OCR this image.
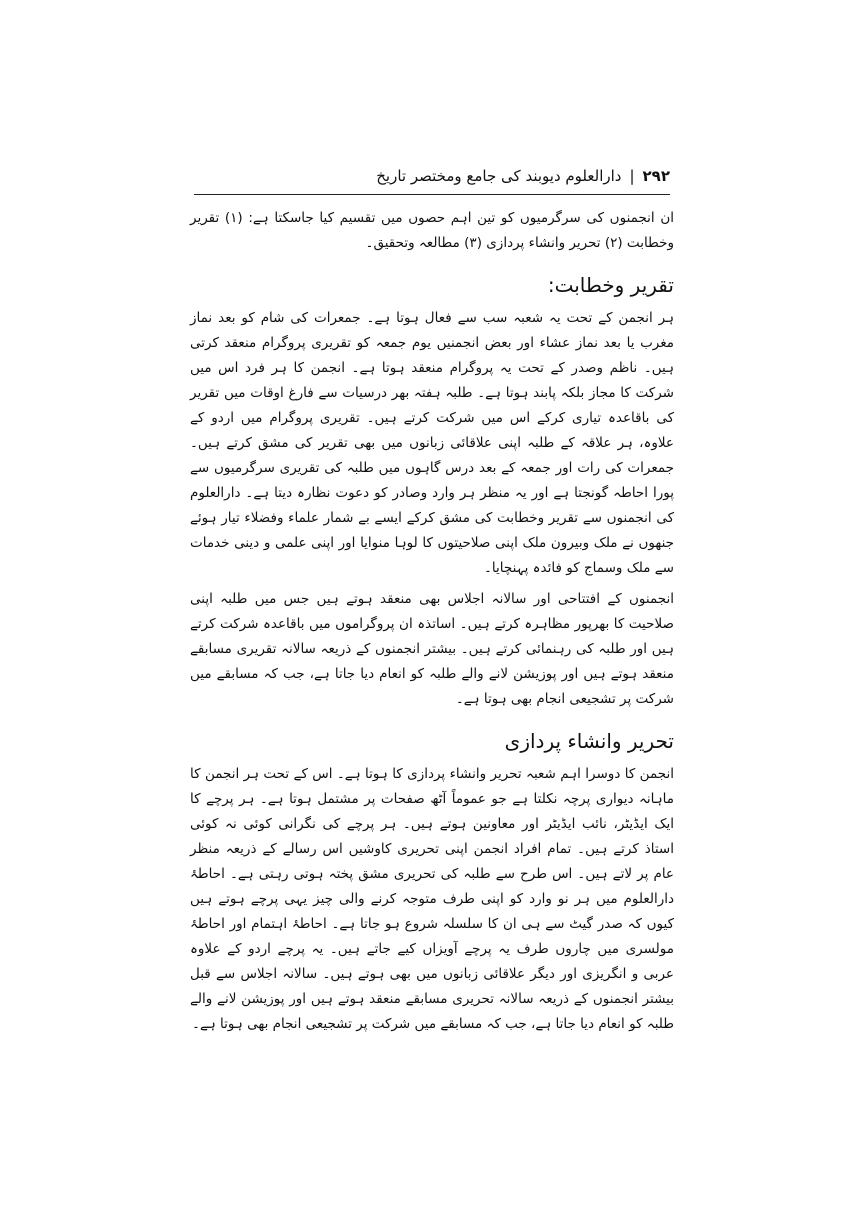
۲۹۲
|
دارالعلوم دیوبند کی جامع ومختصر تاریخ

ان انجمنوں کی سرگرمیوں کو تین اہم حصوں میں تقسیم کیا جاسکتا ہے: (۱) تقریر وخطابت (۲) تحریر وانشاء پردازی (۳) مطالعہ وتحقیق۔

تقریر وخطابت:

ہر انجمن کے تحت یہ شعبہ سب سے فعال ہوتا ہے۔ جمعرات کی شام کو بعد نماز مغرب یا بعد نماز عشاء اور بعض انجمنیں یوم جمعہ کو تقریری پروگرام منعقد کرتی ہیں۔ ناظم وصدر کے تحت یہ پروگرام منعقد ہوتا ہے۔ انجمن کا ہر فرد اس میں شرکت کا مجاز بلکہ پابند ہوتا ہے۔ طلبہ ہفتہ بھر درسیات سے فارغ اوقات میں تقریر کی باقاعدہ تیاری کرکے اس میں شرکت کرتے ہیں۔ تقریری پروگرام میں اردو کے علاوہ، ہر علاقہ کے طلبہ اپنی علاقائی زبانوں میں بھی تقریر کی مشق کرتے ہیں۔ جمعرات کی رات اور جمعہ کے بعد درس گاہوں میں طلبہ کی تقریری سرگرمیوں سے پورا احاطہ گونجتا ہے اور یہ منظر ہر وارد وصادر کو دعوت نظارہ دیتا ہے۔ دارالعلوم کی انجمنوں سے تقریر وخطابت کی مشق کرکے ایسے بے شمار علماء وفضلاء تیار ہوئے جنھوں نے ملک وبیرون ملک اپنی صلاحیتوں کا لوہا منوایا اور اپنی علمی و دینی خدمات سے ملک وسماج کو فائدہ پہنچایا۔

انجمنوں کے افتتاحی اور سالانہ اجلاس بھی منعقد ہوتے ہیں جس میں طلبہ اپنی صلاحیت کا بھرپور مظاہرہ کرتے ہیں۔ اساتذہ ان پروگراموں میں باقاعدہ شرکت کرتے ہیں اور طلبہ کی رہنمائی کرتے ہیں۔ بیشتر انجمنوں کے ذریعہ سالانہ تقریری مسابقے منعقد ہوتے ہیں اور پوزیشن لانے والے طلبہ کو انعام دیا جاتا ہے، جب کہ مسابقے میں شرکت پر تشجیعی انجام بھی ہوتا ہے۔

تحریر وانشاء پردازی

انجمن کا دوسرا اہم شعبہ تحریر وانشاء پردازی کا ہوتا ہے۔ اس کے تحت ہر انجمن کا ماہانہ دیواری پرچہ نکلتا ہے جو عموماً آٹھ صفحات پر مشتمل ہوتا ہے۔ ہر پرچے کا ایک ایڈیٹر، نائب ایڈیٹر اور معاونین ہوتے ہیں۔ ہر پرچے کی نگرانی کوئی نہ کوئی استاذ کرتے ہیں۔ تمام افراد انجمن اپنی تحریری کاوشیں اس رسالے کے ذریعہ منظر عام پر لاتے ہیں۔ اس طرح سے طلبہ کی تحریری مشق پختہ ہوتی رہتی ہے۔ احاطۂ دارالعلوم میں ہر نو وارد کو اپنی طرف متوجہ کرنے والی چیز یہی پرچے ہوتے ہیں کیوں کہ صدر گیٹ سے ہی ان کا سلسلہ شروع ہو جاتا ہے۔ احاطۂ اہتمام اور احاطۂ مولسری میں چاروں طرف یہ پرچے آویزاں کیے جاتے ہیں۔ یہ پرچے اردو کے علاوہ عربی و انگریزی اور دیگر علاقائی زبانوں میں بھی ہوتے ہیں۔ سالانہ اجلاس سے قبل بیشتر انجمنوں کے ذریعہ سالانہ تحریری مسابقے منعقد ہوتے ہیں اور پوزیشن لانے والے طلبہ کو انعام دیا جاتا ہے، جب کہ مسابقے میں شرکت پر تشجیعی انجام بھی ہوتا ہے۔
